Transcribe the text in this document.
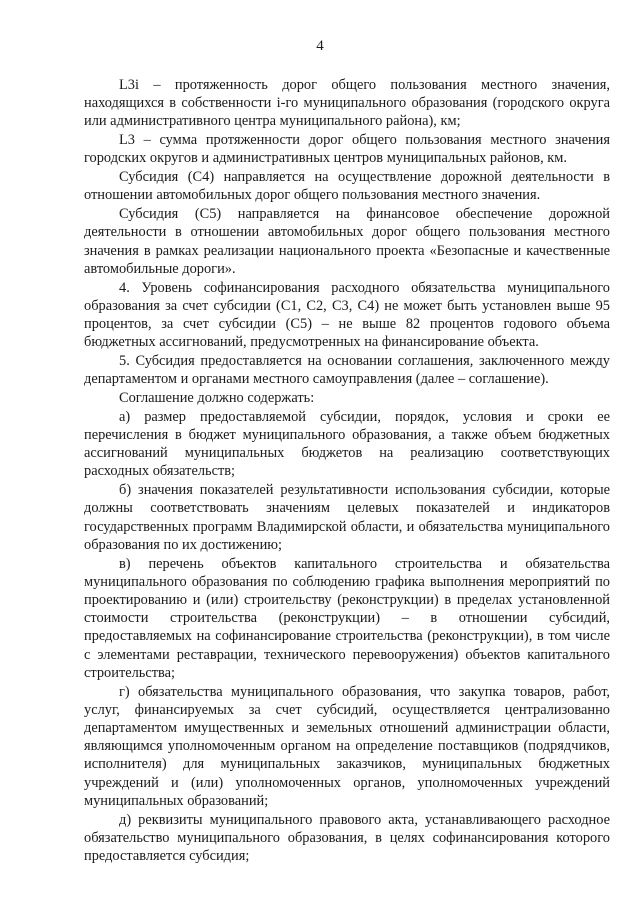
4

L3i – протяженность дорог общего пользования местного значения, находящихся в собственности i-го муниципального образования (городского округа или административного центра муниципального района), км;

L3 – сумма протяженности дорог общего пользования местного значения городских округов и административных центров муниципальных районов, км.

Субсидия (С4) направляется на осуществление дорожной деятельности в отношении автомобильных дорог общего пользования местного значения.

Субсидия (С5) направляется на финансовое обеспечение дорожной деятельности в отношении автомобильных дорог общего пользования местного значения в рамках реализации национального проекта «Безопасные и качественные автомобильные дороги».

4. Уровень софинансирования расходного обязательства муниципального образования за счет субсидии (С1, С2, С3, С4) не может быть установлен выше 95 процентов, за счет субсидии (С5) – не выше 82 процентов годового объема бюджетных ассигнований, предусмотренных на финансирование объекта.

5. Субсидия предоставляется на основании соглашения, заключенного между департаментом и органами местного самоуправления (далее – соглашение).

Соглашение должно содержать:

а) размер предоставляемой субсидии, порядок, условия и сроки ее перечисления в бюджет муниципального образования, а также объем бюджетных ассигнований муниципальных бюджетов на реализацию соответствующих расходных обязательств;

б) значения показателей результативности использования субсидии, которые должны соответствовать значениям целевых показателей и индикаторов государственных программ Владимирской области, и обязательства муниципального образования по их достижению;

в) перечень объектов капитального строительства и обязательства муниципального образования по соблюдению графика выполнения мероприятий по проектированию и (или) строительству (реконструкции) в пределах установленной стоимости строительства (реконструкции) – в отношении субсидий, предоставляемых на софинансирование строительства (реконструкции), в том числе с элементами реставрации, технического перевооружения) объектов капитального строительства;

г) обязательства муниципального образования, что закупка товаров, работ, услуг, финансируемых за счет субсидий, осуществляется централизованно департаментом имущественных и земельных отношений администрации области, являющимся уполномоченным органом на определение поставщиков (подрядчиков, исполнителя) для муниципальных заказчиков, муниципальных бюджетных учреждений и (или) уполномоченных органов, уполномоченных учреждений муниципальных образований;

д) реквизиты муниципального правового акта, устанавливающего расходное обязательство муниципального образования, в целях софинансирования которого предоставляется субсидия;
